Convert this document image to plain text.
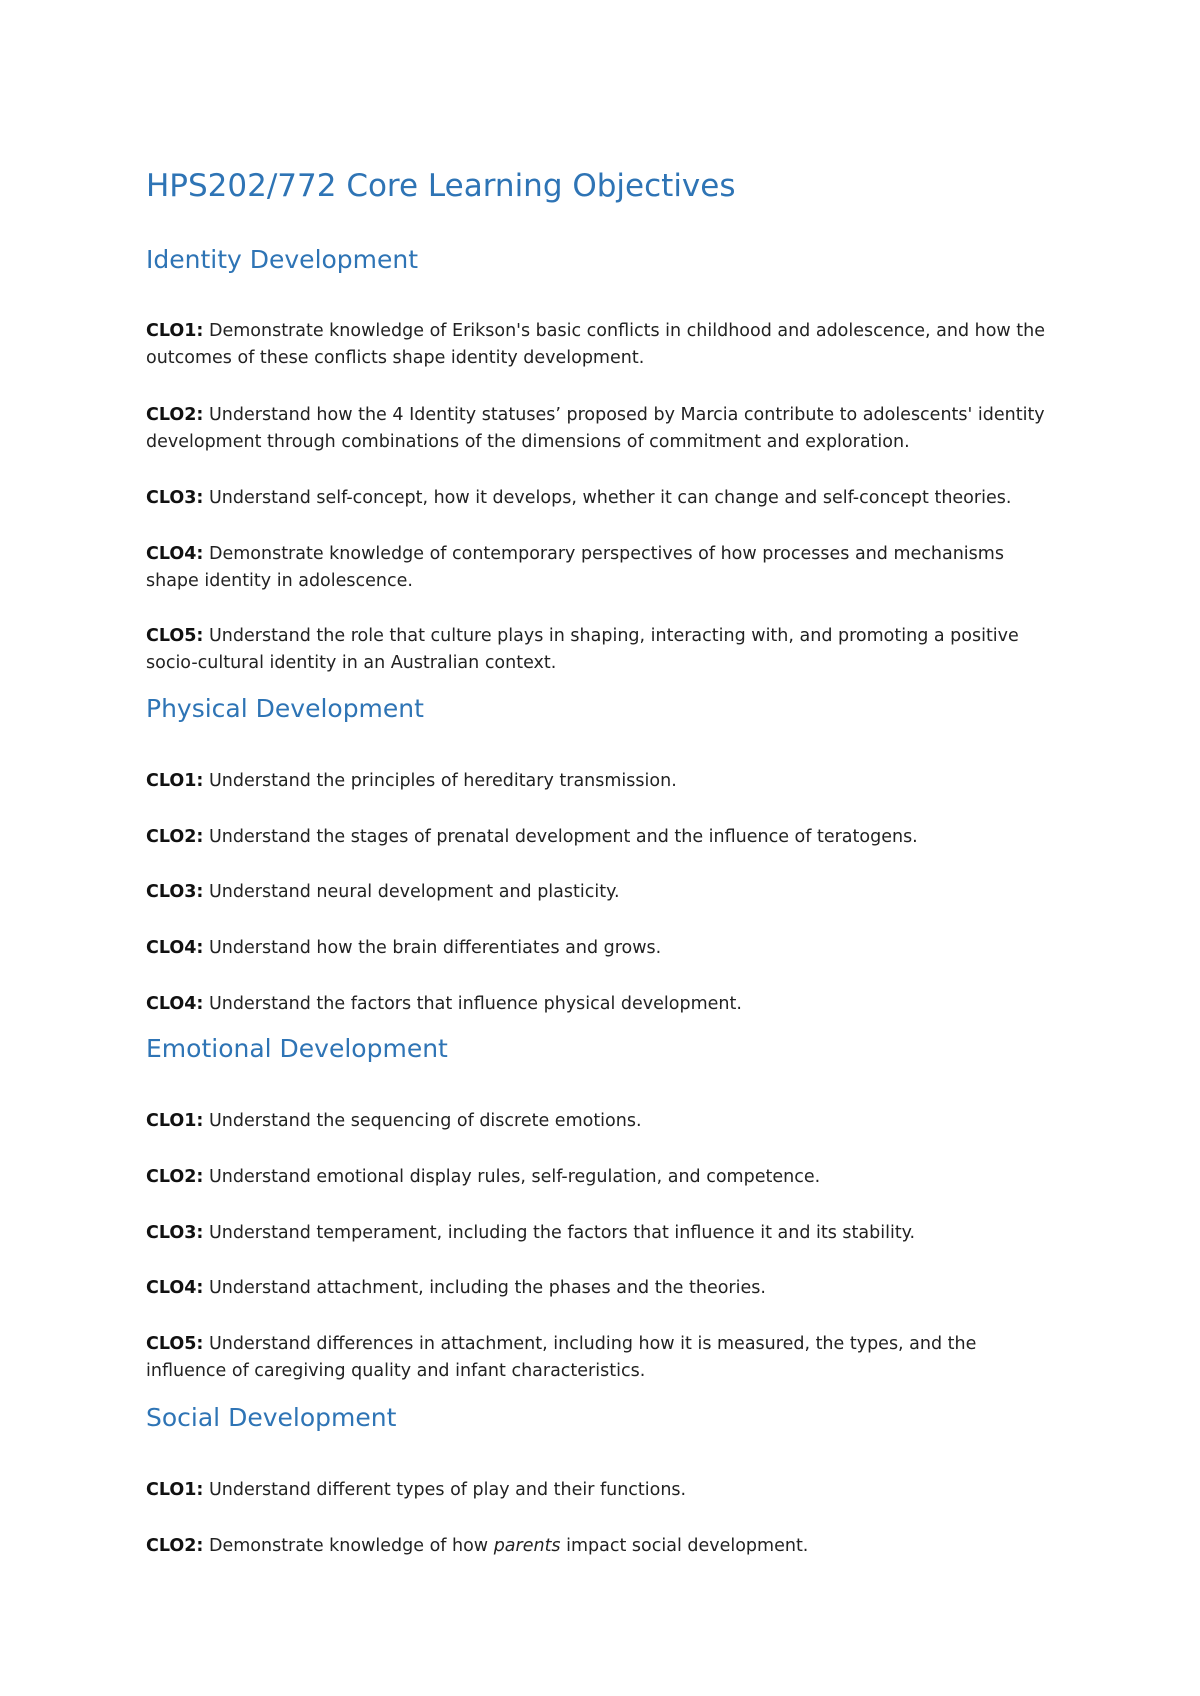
HPS202/772 Core Learning Objectives
Identity Development

CLO1: Demonstrate knowledge of Erikson's basic conflicts in childhood and adolescence, and how the outcomes of these conflicts shape identity development.

CLO2: Understand how the 4 Identity statuses’ proposed by Marcia contribute to adolescents' identity development through combinations of the dimensions of commitment and exploration.

CLO3: Understand self-concept, how it develops, whether it can change and self-concept theories.

CLO4: Demonstrate knowledge of contemporary perspectives of how processes and mechanisms shape identity in adolescence.

CLO5: Understand the role that culture plays in shaping, interacting with, and promoting a positive socio-cultural identity in an Australian context.

Physical Development

CLO1: Understand the principles of hereditary transmission.

CLO2: Understand the stages of prenatal development and the influence of teratogens.

CLO3: Understand neural development and plasticity.

CLO4: Understand how the brain differentiates and grows.

CLO4: Understand the factors that influence physical development.

Emotional Development

CLO1: Understand the sequencing of discrete emotions.

CLO2: Understand emotional display rules, self-regulation, and competence.

CLO3: Understand temperament, including the factors that influence it and its stability.

CLO4: Understand attachment, including the phases and the theories.

CLO5: Understand differences in attachment, including how it is measured, the types, and the influence of caregiving quality and infant characteristics.

Social Development

CLO1: Understand different types of play and their functions.

CLO2: Demonstrate knowledge of how parents impact social development.
